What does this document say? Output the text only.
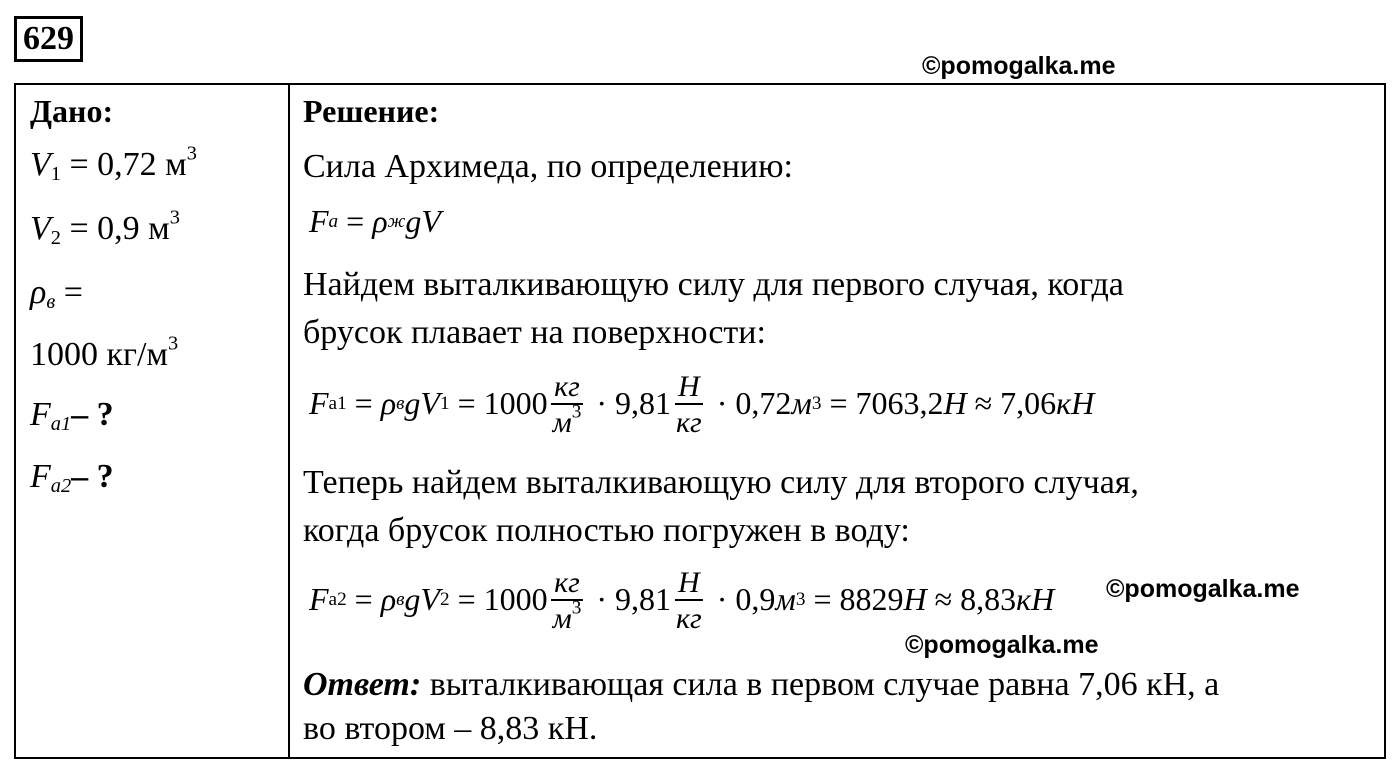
629
©pomogalka.me
Дано:
$V_1 = 0,72$ $м^3$
$V_2 = 0,9$ $м^3$
$\rho_в$ =
1000 $кг/м^3$
$F_{a1}-$ ?
$F_{a2}-$ ?
Решение:
Сила Архимеда, по определению:
F a = ρ ж gV
Найдем выталкивающую силу для первого случая, когда
брусок плавает на поверхности:
F a1 = ρ в gV $1 = 1000 \frac{кг}{м^3} \cdot 9,81 \frac{Н}{кг} \cdot 0,72$ м 3 = 7063,2 Н ≈ 7,06 кН
Теперь найдем выталкивающую силу для второго случая,
когда брусок полностью погружен в воду:
F a2 = ρ в gV $2 = 1000 \frac{кг}{м^3} \cdot 9,81 \frac{Н}{кг} \cdot 0,9$ м 3 = 8829 Н ≈ 8,83 кН
Ответ: выталкивающая сила в первом случае равна 7,06 кН, а
во втором – 8,83 кН.
©pomogalka.me
©pomogalka.me
